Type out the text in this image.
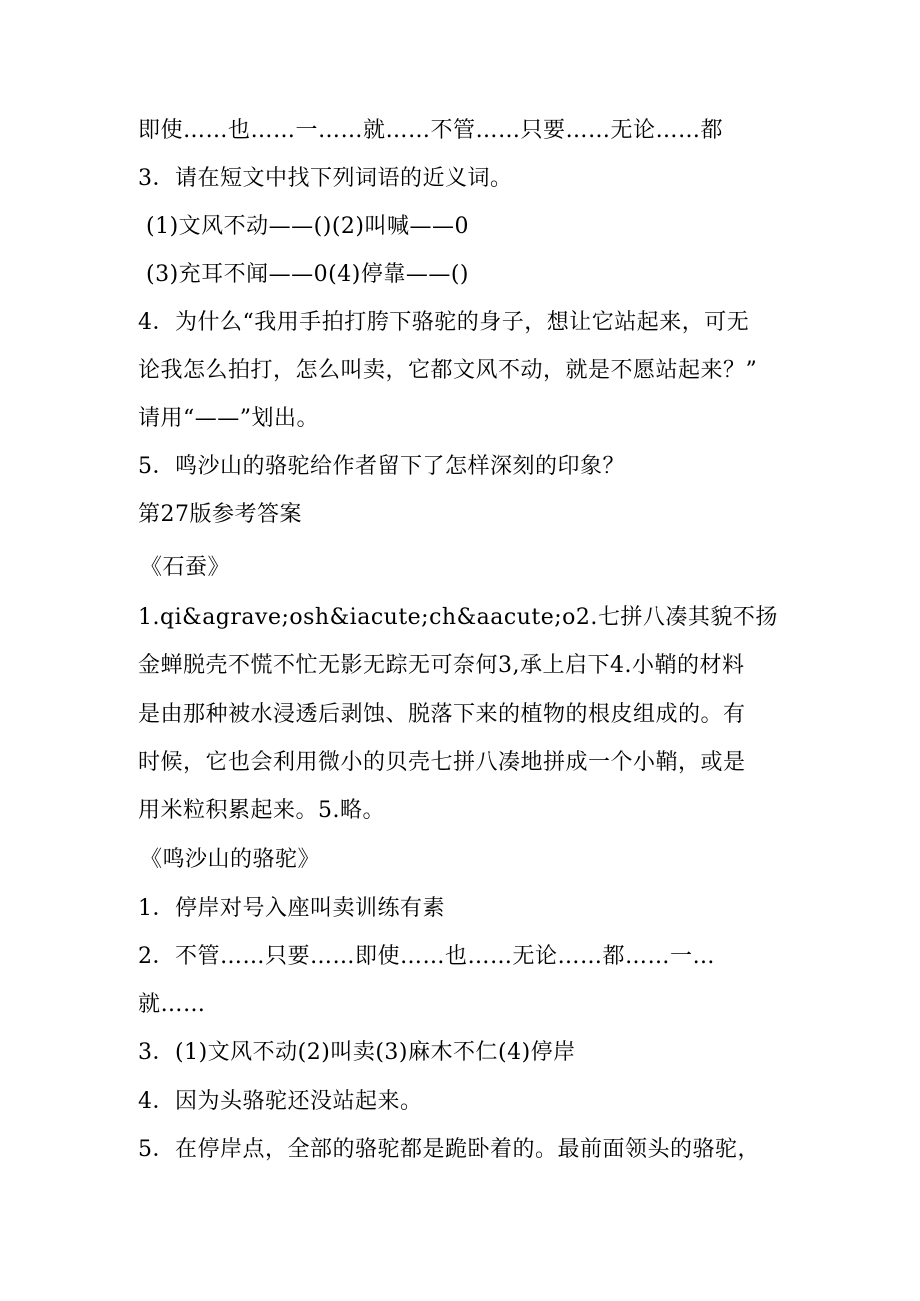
即使……也……一……就……不管……只要……无论……都
3．请在短文中找下列词语的近义词。
(1)文风不动——()(2)叫喊——0
(3)充耳不闻——0(4)停靠——()
4．为什么“我用手拍打胯下骆驼的身子，想让它站起来，可无
论我怎么拍打，怎么叫卖，它都文风不动，就是不愿站起来？”
请用“——”划出。
5．鸣沙山的骆驼给作者留下了怎样深刻的印象？
第27版参考答案
《石蚕》
1.qi&agrave;osh&iacute;ch&aacute;o2.七拼八凑其貌不扬
金蝉脱壳不慌不忙无影无踪无可奈何3,承上启下4.小鞘的材料
是由那种被水浸透后剥蚀、脱落下来的植物的根皮组成的。有
时候，它也会利用微小的贝壳七拼八凑地拼成一个小鞘，或是
用米粒积累起来。5.略。
《鸣沙山的骆驼》
1．停岸对号入座叫卖训练有素
2．不管……只要……即使……也……无论……都……一…
就……
3．(1)文风不动(2)叫卖(3)麻木不仁(4)停岸
4．因为头骆驼还没站起来。
5．在停岸点，全部的骆驼都是跪卧着的。最前面领头的骆驼，
